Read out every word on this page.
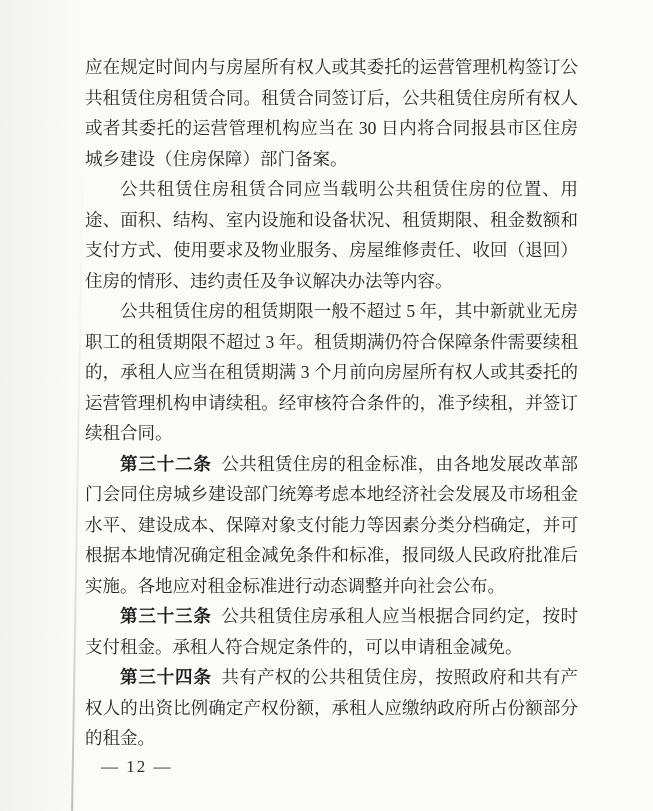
应在规定时间内与房屋所有权人或其委托的运营管理机构签订公共租赁住房租赁合同。租赁合同签订后，公共租赁住房所有权人或者其委托的运营管理机构应当在 30 日内将合同报县市区住房城乡建设（住房保障）部门备案。

公共租赁住房租赁合同应当载明公共租赁住房的位置、用途、面积、结构、室内设施和设备状况、租赁期限、租金数额和支付方式、使用要求及物业服务、房屋维修责任、收回（退回）住房的情形、违约责任及争议解决办法等内容。

公共租赁住房的租赁期限一般不超过 5 年，其中新就业无房职工的租赁期限不超过 3 年。租赁期满仍符合保障条件需要续租的，承租人应当在租赁期满 3 个月前向房屋所有权人或其委托的运营管理机构申请续租。经审核符合条件的，准予续租，并签订续租合同。

第三十二条 公共租赁住房的租金标准，由各地发展改革部门会同住房城乡建设部门统筹考虑本地经济社会发展及市场租金水平、建设成本、保障对象支付能力等因素分类分档确定，并可根据本地情况确定租金减免条件和标准，报同级人民政府批准后实施。各地应对租金标准进行动态调整并向社会公布。

第三十三条 公共租赁住房承租人应当根据合同约定，按时支付租金。承租人符合规定条件的，可以申请租金减免。

第三十四条 共有产权的公共租赁住房，按照政府和共有产权人的出资比例确定产权份额，承租人应缴纳政府所占份额部分的租金。

— 12 —
